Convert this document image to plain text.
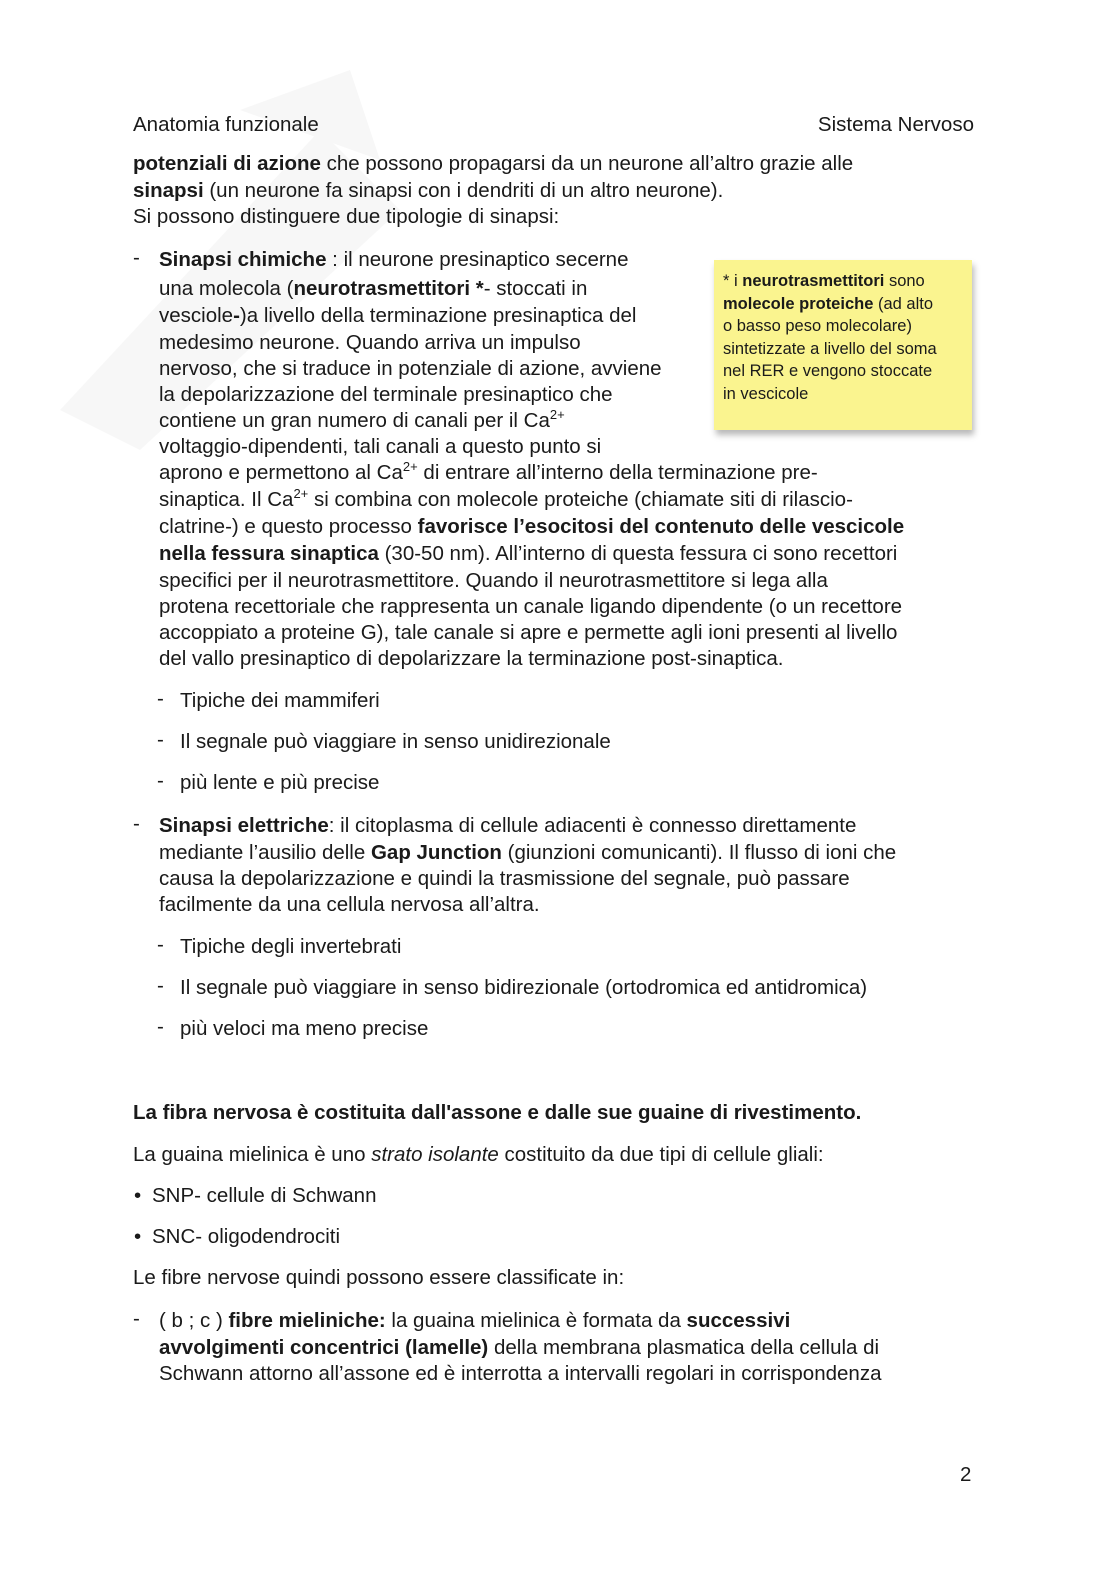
Anatomia funzionale	Sistema Nervoso
potenziali di azione che possono propagarsi da un neurone all’altro grazie alle
sinapsi (un neurone fa sinapsi con i dendriti di un altro neurone).
Si possono distinguere due tipologie di sinapsi:
- Sinapsi chimiche : il neurone presinaptico secerne
una molecola (neurotrasmettitori *- stoccati in
vesciole-)a livello della terminazione presinaptica del
medesimo neurone. Quando arriva un impulso
nervoso, che si traduce in potenziale di azione, avviene
la depolarizzazione del terminale presinaptico che
contiene un gran numero di canali per il $Ca^{2+}$
voltaggio-dipendenti, tali canali a questo punto si
aprono e permettono al $Ca^{2+}$ di entrare all’interno della terminazione pre-
sinaptica. Il $Ca^{2+}$ si combina con molecole proteiche (chiamate siti di rilascio-
clatrine-) e questo processo favorisce l’esocitosi del contenuto delle vescicole
nella fessura sinaptica (30-50 nm). All’interno di questa fessura ci sono recettori
specifici per il neurotrasmettitore. Quando il neurotrasmettitore si lega alla
protena recettoriale che rappresenta un canale ligando dipendente (o un recettore
accoppiato a proteine G), tale canale si apre e permette agli ioni presenti al livello
del vallo presinaptico di depolarizzare la terminazione post-sinaptica.
- Tipiche dei mammiferi
- Il segnale può viaggiare in senso unidirezionale
- più lente e più precise
* i neurotrasmettitori sono
molecole proteiche (ad alto
o basso peso molecolare)
sintetizzate a livello del soma
nel RER e vengono stoccate
in vescicole
- Sinapsi elettriche: il citoplasma di cellule adiacenti è connesso direttamente
mediante l’ausilio delle Gap Junction (giunzioni comunicanti). Il flusso di ioni che
causa la depolarizzazione e quindi la trasmissione del segnale, può passare
facilmente da una cellula nervosa all’altra.
- Tipiche degli invertebrati
- Il segnale può viaggiare in senso bidirezionale (ortodromica ed antidromica)
- più veloci ma meno precise
La fibra nervosa è costituita dall'assone e dalle sue guaine di rivestimento.
La guaina mielinica è uno strato isolante costituito da due tipi di cellule gliali:
• SNP- cellule di Schwann
• SNC- oligodendrociti
Le fibre nervose quindi possono essere classificate in:
- ( b ; c ) fibre mieliniche: la guaina mielinica è formata da successivi
avvolgimenti concentrici (lamelle) della membrana plasmatica della cellula di
Schwann attorno all’assone ed è interrotta a intervalli regolari in corrispondenza
2
